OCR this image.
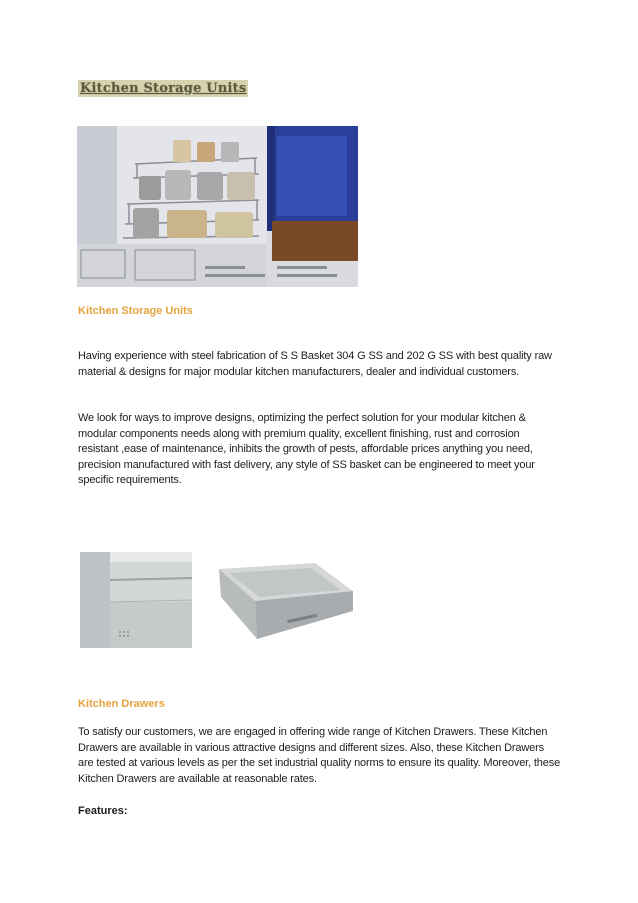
Kitchen Storage Units
Kitchen Storage Units

Having experience with steel fabrication of S S Basket 304 G SS and 202 G SS with best quality raw material & designs for major modular kitchen manufacturers, dealer and individual customers.

We look for ways to improve designs, optimizing the perfect solution for your modular kitchen & modular components needs along with premium quality, excellent finishing, rust and corrosion resistant ,ease of maintenance, inhibits the growth of pests, affordable prices anything you need, precision manufactured with fast delivery, any style of SS basket can be engineered to meet your specific requirements.

Kitchen Drawers

To satisfy our customers, we are engaged in offering wide range of Kitchen Drawers. These Kitchen Drawers are available in various attractive designs and different sizes. Also, these Kitchen Drawers are tested at various levels as per the set industrial quality norms to ensure its quality. Moreover, these Kitchen Drawers are available at reasonable rates.

Features:
